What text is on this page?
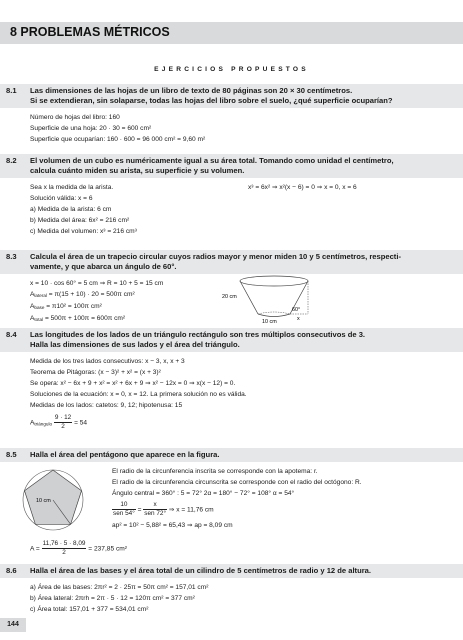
8 PROBLEMAS MÉTRICOS
EJERCICIOS PROPUESTOS
8.1 Las dimensiones de las hojas de un libro de texto de 80 páginas son 20 × 30 centímetros.
Si se extendieran, sin solaparse, todas las hojas del libro sobre el suelo, ¿qué superficie ocuparían?
Número de hojas del libro: 160
Superficie de una hoja: 20 · 30 = 600 cm²
Superficie que ocuparían: 160 · 600 = 96 000 cm² = 9,60 m²
8.2 El volumen de un cubo es numéricamente igual a su área total. Tomando como unidad el centímetro,
calcula cuánto miden su arista, su superficie y su volumen.
Sea x la medida de la arista.
Solución válida: x = 6
a) Medida de la arista: 6 cm
b) Medida del área: 6x² = 216 cm²
c) Medida del volumen: x³ = 216 cm³
x³ = 6x² ⇒ x²(x − 6) = 0 ⇒ x = 0, x = 6
8.3 Calcula el área de un trapecio circular cuyos radios mayor y menor miden 10 y 5 centímetros, respecti-
vamente, y que abarca un ángulo de 60°.
x = 10 · cos 60° = 5 cm ⇒ R = 10 + 5 = 15 cm
$A_{lateral} = \pi(15 + 10) \cdot 20 = 500\pi$ cm²
$A_{base} = \pi 10^2 = 100\pi$ cm²
$A_{total} = 500\pi + 100\pi = 600\pi$ cm²
20 cm
10 cm
60°
x
8.4 Las longitudes de los lados de un triángulo rectángulo son tres múltiplos consecutivos de 3.
Halla las dimensiones de sus lados y el área del triángulo.
Medida de los tres lados consecutivos: x − 3, x, x + 3
Teorema de Pitágoras: (x − 3)² + x² = (x + 3)²
Se opera: x² − 6x + 9 + x² = x² + 6x + 9 ⇒ x² − 12x = 0 ⇒ x(x − 12) = 0.
Soluciones de la ecuación: x = 0, x = 12. La primera solución no es válida.
Medidas de los lados: catetos: 9, 12; hipotenusa: 15
$A_{triángulo} \frac{9 \cdot 12}{2} = 54$
8.5 Halla el área del pentágono que aparece en la figura.
10 cm
El radio de la circunferencia inscrita se corresponde con la apotema: r.
El radio de la circunferencia circunscrita se corresponde con el radio del octógono: R.
Ángulo central = 360° : 5 = 72° 2α = 180° − 72° = 108° α = 54°
$\frac{10}{\text{sen 54°}} = \frac{x}{\text{sen 72°}}$ ⇒ x = 11,76 cm
ap² = 10² − 5,88² = 65,43 ⇒ ap = 8,09 cm
$A = \frac{11,76 \cdot 5 \cdot 8,09}{2} = 237,85$ cm²
8.6 Halla el área de las bases y el área total de un cilindro de 5 centímetros de radio y 12 de altura.
a) Área de las bases: 2πr² = 2 · 25π = 50π cm² = 157,01 cm²
b) Área lateral: 2πrh = 2π · 5 · 12 = 120π cm² = 377 cm²
c) Área total: 157,01 + 377 = 534,01 cm²
144
